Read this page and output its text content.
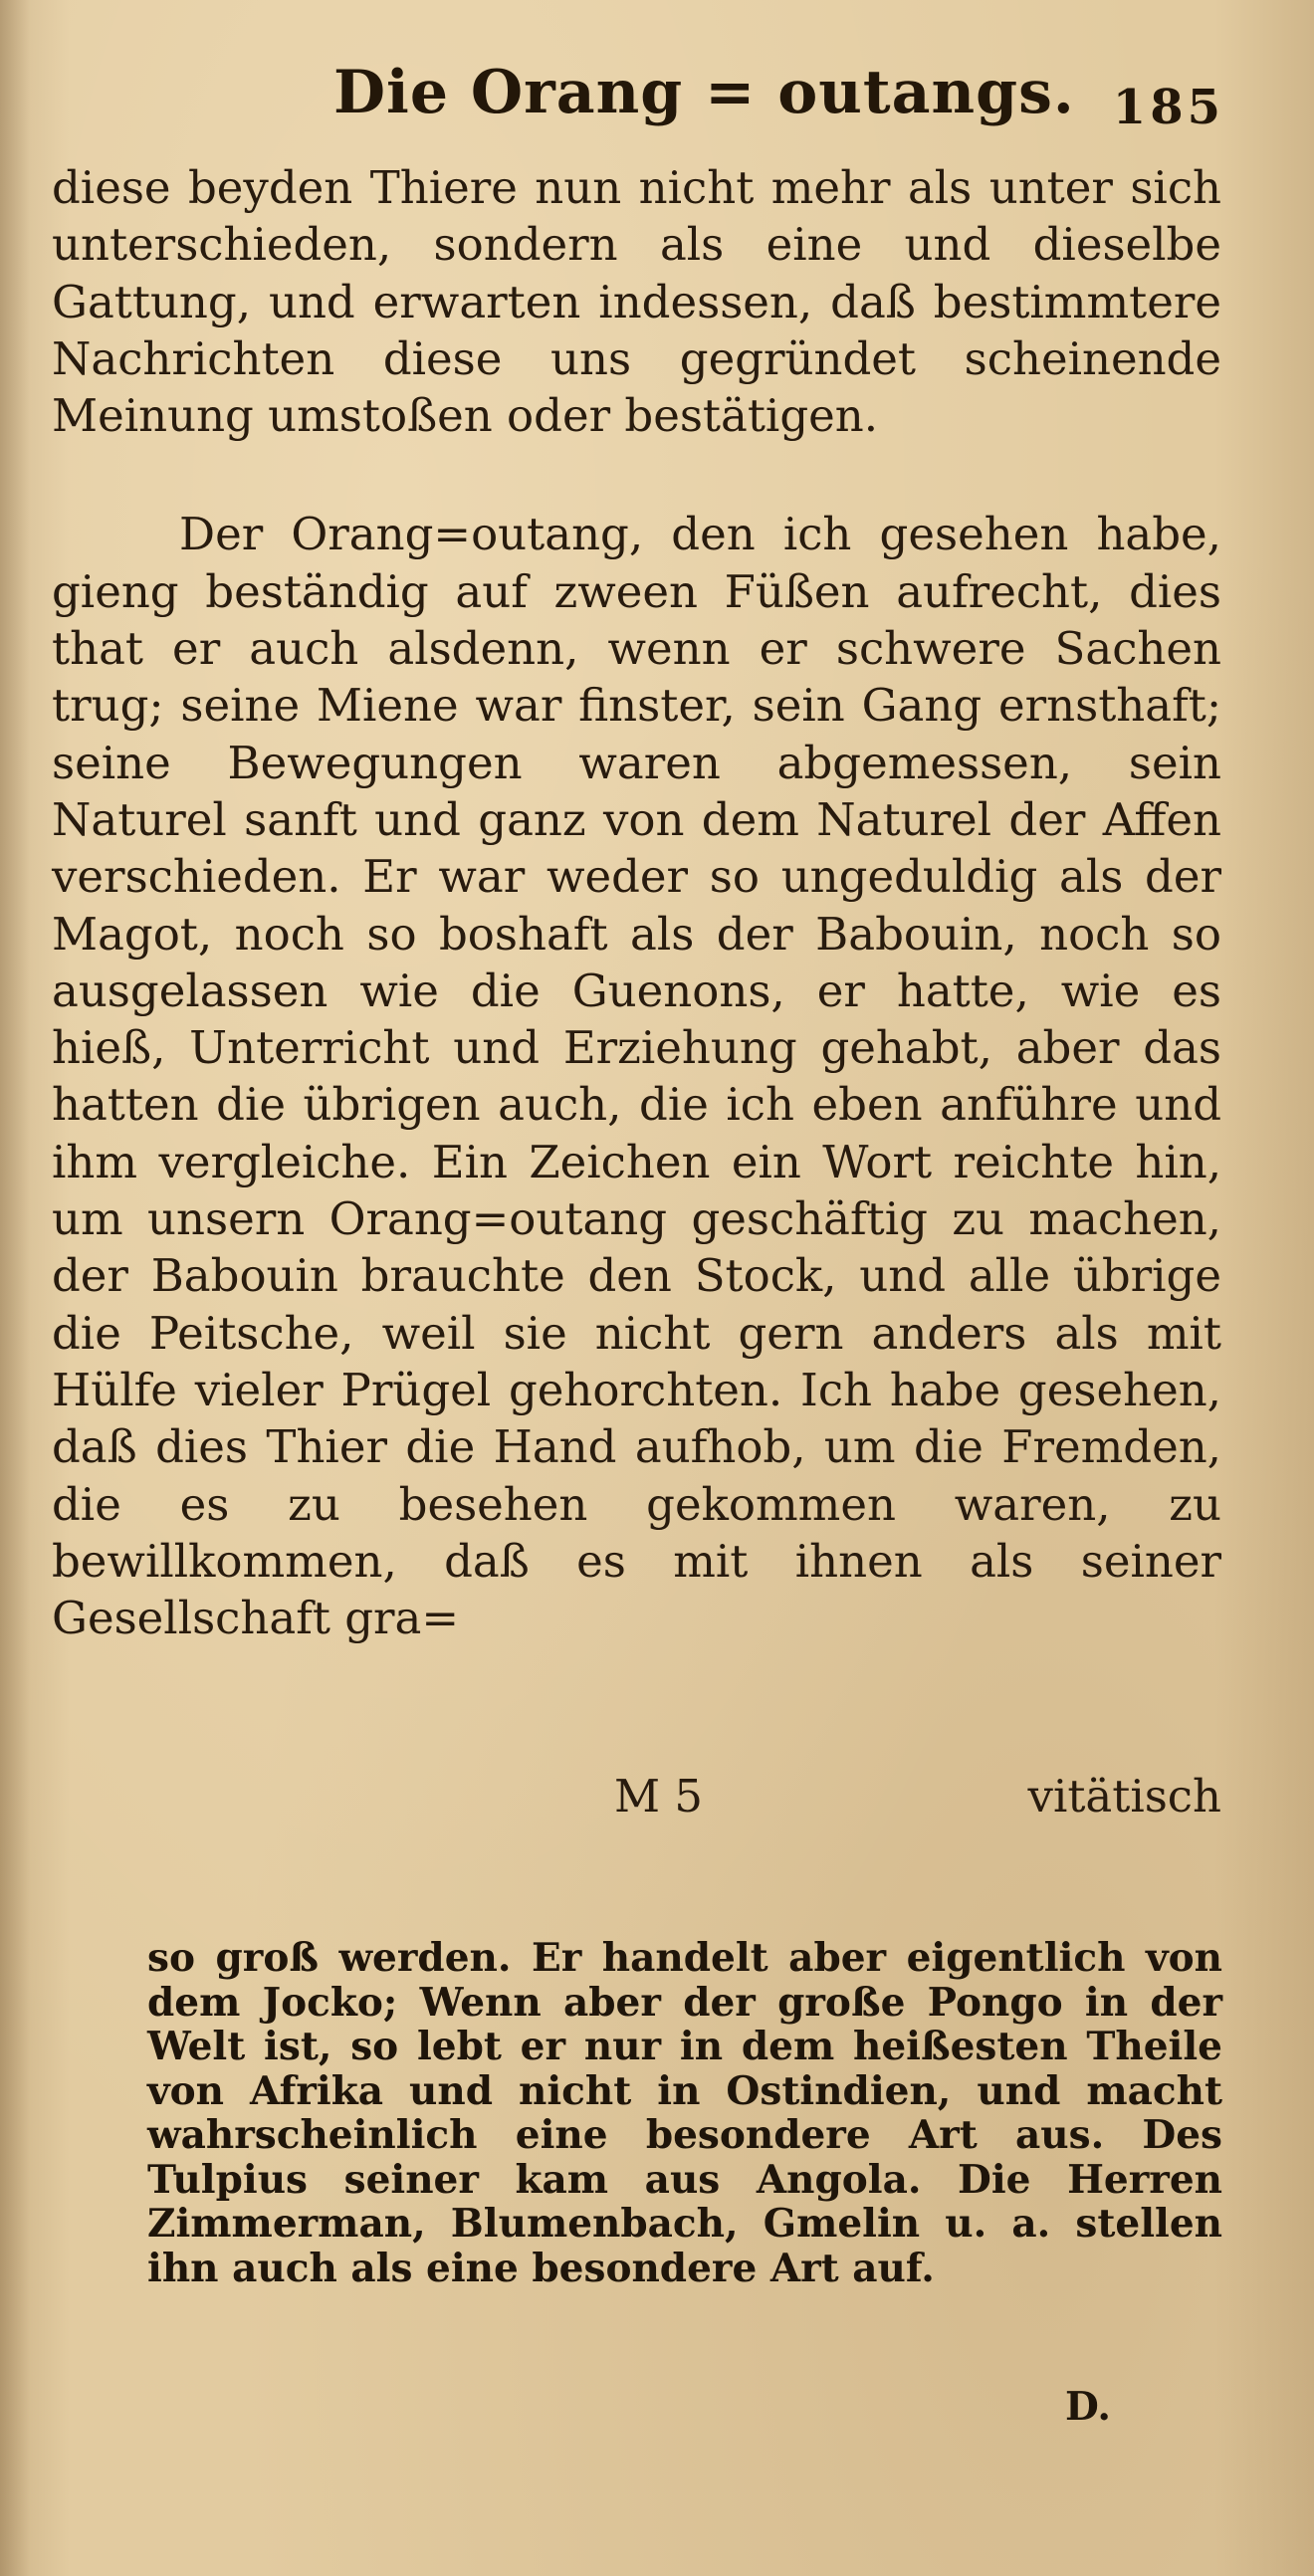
Die Orang = outangs. 185

diese beyden Thiere nun nicht mehr als unter sich unterschieden, sondern als eine und dieselbe Gattung, und erwarten indessen, daß bestimmtere Nachrichten diese uns gegründet scheinende Meinung umstoßen oder bestätigen.

Der Orang=outang, den ich gesehen habe, gieng beständig auf zween Füßen aufrecht, dies that er auch alsdenn, wenn er schwere Sachen trug; seine Miene war finster, sein Gang ernsthaft; seine Bewegungen waren abgemessen, sein Naturel sanft und ganz von dem Naturel der Affen verschieden. Er war weder so ungeduldig als der Magot, noch so boshaft als der Babouin, noch so ausgelassen wie die Guenons, er hatte, wie es hieß, Unterricht und Erziehung gehabt, aber das hatten die übrigen auch, die ich eben anführe und ihm vergleiche. Ein Zeichen ein Wort reichte hin, um unsern Orang=outang geschäftig zu machen, der Babouin brauchte den Stock, und alle übrige die Peitsche, weil sie nicht gern anders als mit Hülfe vieler Prügel gehorchten. Ich habe gesehen, daß dies Thier die Hand aufhob, um die Fremden, die es zu besehen gekommen waren, zu bewillkommen, daß es mit ihnen als seiner Gesellschaft gra=

M 5	vitätisch

so groß werden. Er handelt aber eigentlich von dem Jocko; Wenn aber der große Pongo in der Welt ist, so lebt er nur in dem heißesten Theile von Afrika und nicht in Ostindien, und macht wahrscheinlich eine besondere Art aus. Des Tulpius seiner kam aus Angola. Die Herren Zimmerman, Blumenbach, Gmelin u. a. stellen ihn auch als eine besondere Art auf.

D.
